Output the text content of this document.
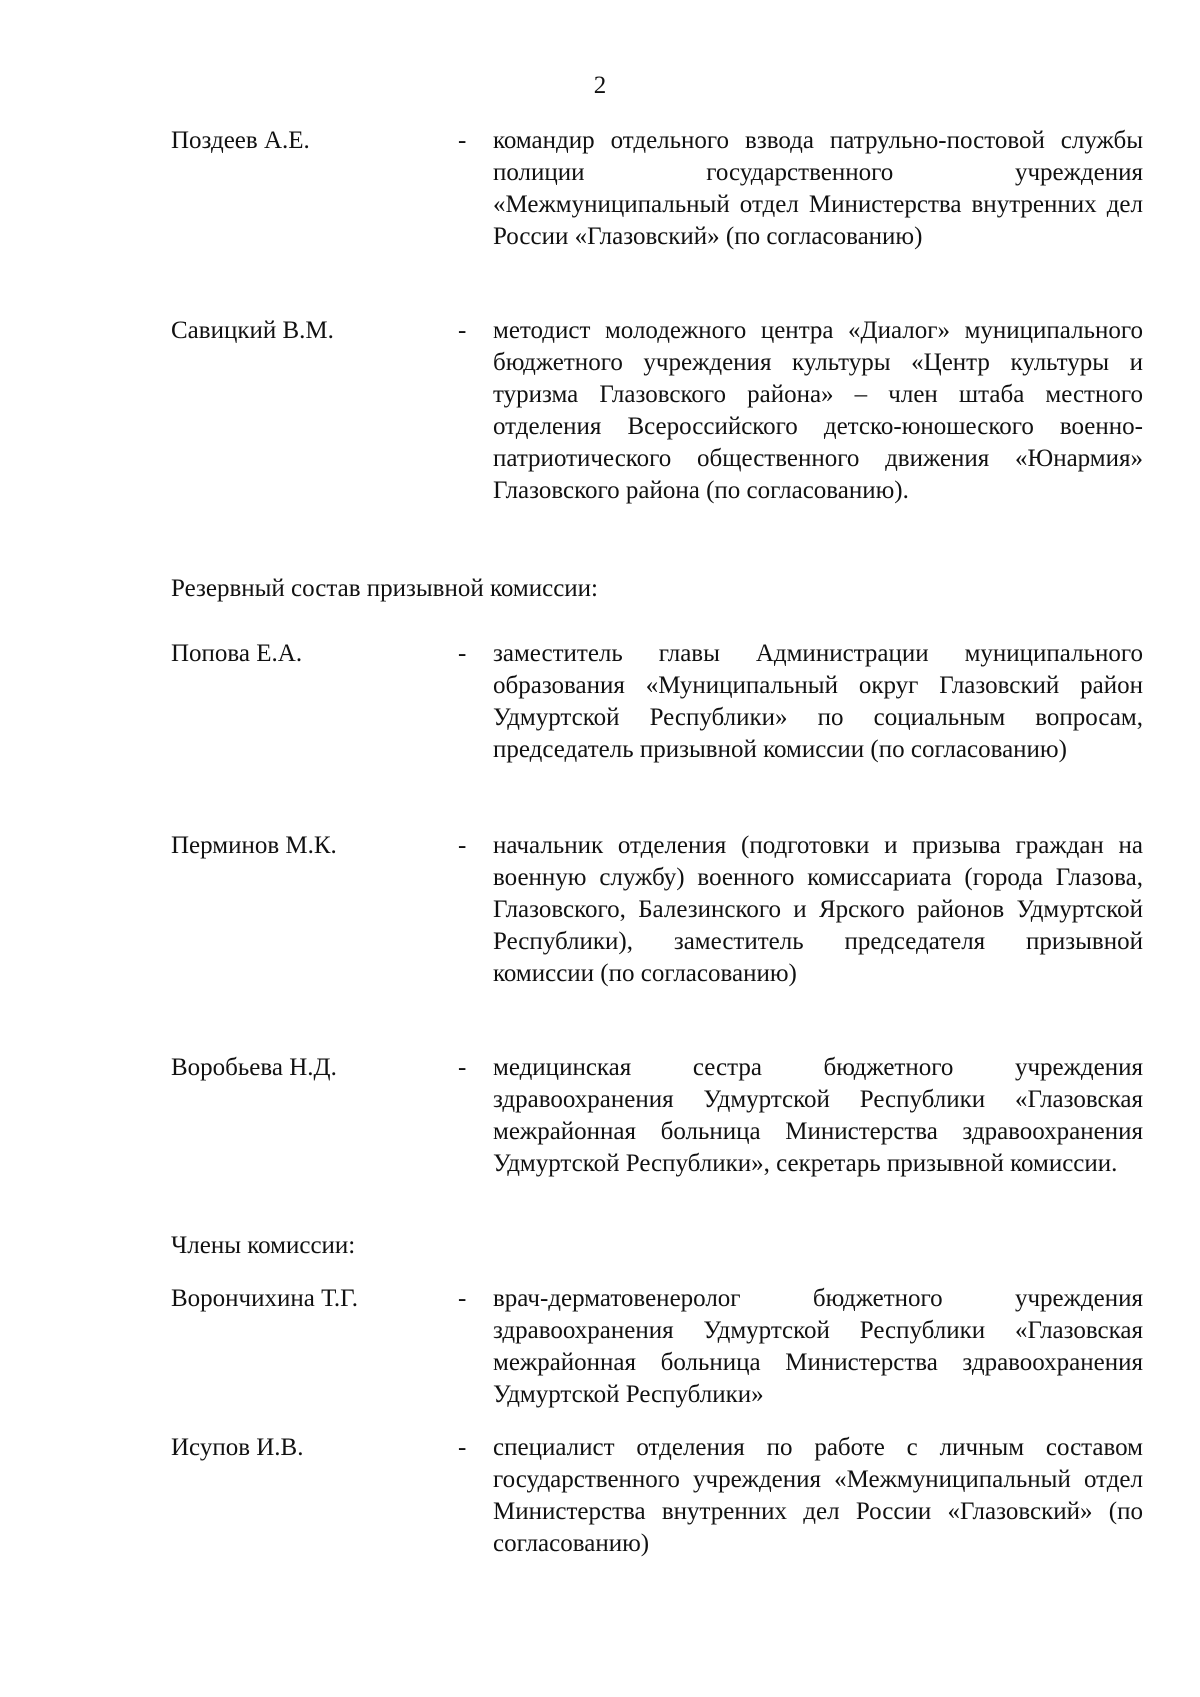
2
Поздеев А.Е.	- командир отдельного взвода патрульно-постовой службы полиции государственного учреждения «Межмуниципальный отдел Министерства внутренних дел России «Глазовский» (по согласованию)
Савицкий В.М.	- методист молодежного центра «Диалог» муниципального бюджетного учреждения культуры «Центр культуры и туризма Глазовского района» – член штаба местного отделения Всероссийского детско-юношеского военно-патриотического общественного движения «Юнармия» Глазовского района (по согласованию).
Резервный состав призывной комиссии:
Попова Е.А.	- заместитель главы Администрации муниципального образования «Муниципальный округ Глазовский район Удмуртской Республики» по социальным вопросам, председатель призывной комиссии (по согласованию)
Перминов М.К.	- начальник отделения (подготовки и призыва граждан на военную службу) военного комиссариата (города Глазова, Глазовского, Балезинского и Ярского районов Удмуртской Республики), заместитель председателя призывной комиссии (по согласованию)
Воробьева Н.Д.	- медицинская сестра бюджетного учреждения здравоохранения Удмуртской Республики «Глазовская межрайонная больница Министерства здравоохранения Удмуртской Республики», секретарь призывной комиссии.
Члены комиссии:
Ворончихина Т.Г.	- врач-дерматовенеролог бюджетного учреждения здравоохранения Удмуртской Республики «Глазовская межрайонная больница Министерства здравоохранения Удмуртской Республики»
Исупов И.В.	- специалист отделения по работе с личным составом государственного учреждения «Межмуниципальный отдел Министерства внутренних дел России «Глазовский» (по согласованию)
